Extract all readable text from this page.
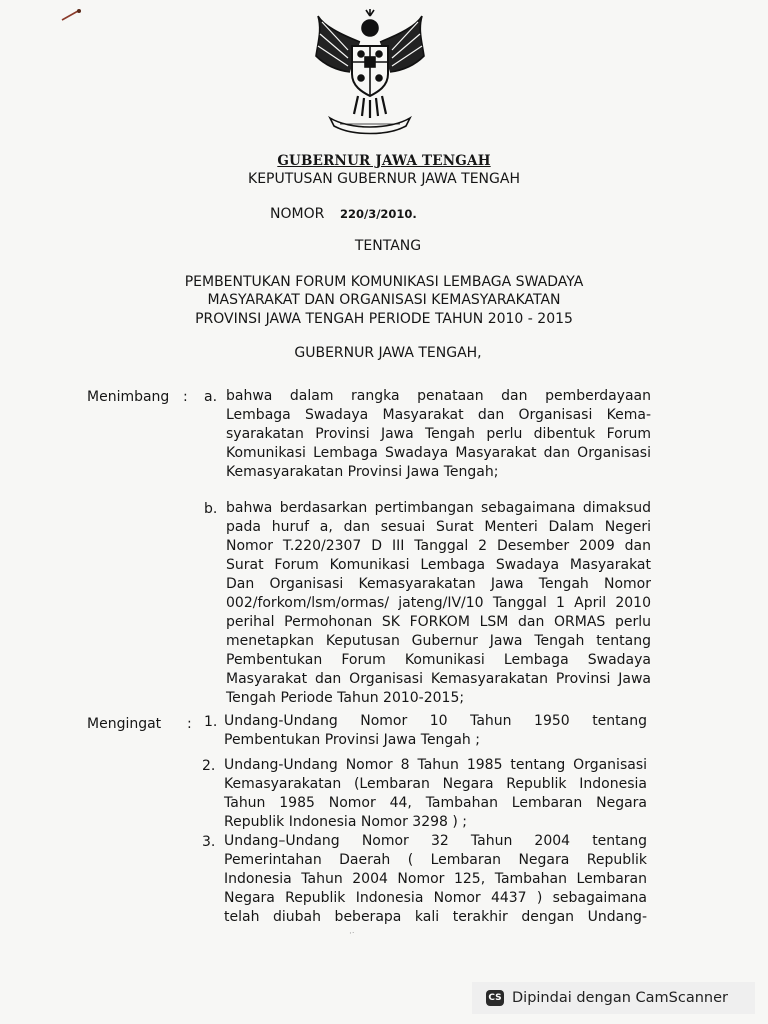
GUBERNUR JAWA TENGAH
KEPUTUSAN GUBERNUR JAWA TENGAH
NOMOR 220/3/2010.
TENTANG
PEMBENTUKAN FORUM KOMUNIKASI LEMBAGA SWADAYA
MASYARAKAT DAN ORGANISASI KEMASYARAKATAN
PROVINSI JAWA TENGAH PERIODE TAHUN 2010 - 2015
GUBERNUR JAWA TENGAH,
Menimbang : a. bahwa dalam rangka penataan dan pemberdayaan
Lembaga Swadaya Masyarakat dan Organisasi Kema-
syarakatan Provinsi Jawa Tengah perlu dibentuk Forum
Komunikasi Lembaga Swadaya Masyarakat dan Organisasi
Kemasyarakatan Provinsi Jawa Tengah;
b. bahwa berdasarkan pertimbangan sebagaimana dimaksud
pada huruf a, dan sesuai Surat Menteri Dalam Negeri
Nomor T.220/2307 D III Tanggal 2 Desember 2009 dan
Surat Forum Komunikasi Lembaga Swadaya Masyarakat
Dan Organisasi Kemasyarakatan Jawa Tengah Nomor
002/forkom/lsm/ormas/ jateng/IV/10 Tanggal 1 April 2010
perihal Permohonan SK FORKOM LSM dan ORMAS perlu
menetapkan Keputusan Gubernur Jawa Tengah tentang
Pembentukan Forum Komunikasi Lembaga Swadaya
Masyarakat dan Organisasi Kemasyarakatan Provinsi Jawa
Tengah Periode Tahun 2010-2015;
Mengingat : 1. Undang-Undang Nomor 10 Tahun 1950 tentang
Pembentukan Provinsi Jawa Tengah ;
2. Undang-Undang Nomor 8 Tahun 1985 tentang Organisasi
Kemasyarakatan (Lembaran Negara Republik Indonesia
Tahun 1985 Nomor 44, Tambahan Lembaran Negara
Republik Indonesia Nomor 3298 ) ;
3. Undang–Undang Nomor 32 Tahun 2004 tentang
Pemerintahan Daerah ( Lembaran Negara Republik
Indonesia Tahun 2004 Nomor 125, Tambahan Lembaran
Negara Republik Indonesia Nomor 4437 ) sebagaimana
telah diubah beberapa kali terakhir dengan Undang-
·ᐧ
CS Dipindai dengan CamScanner
